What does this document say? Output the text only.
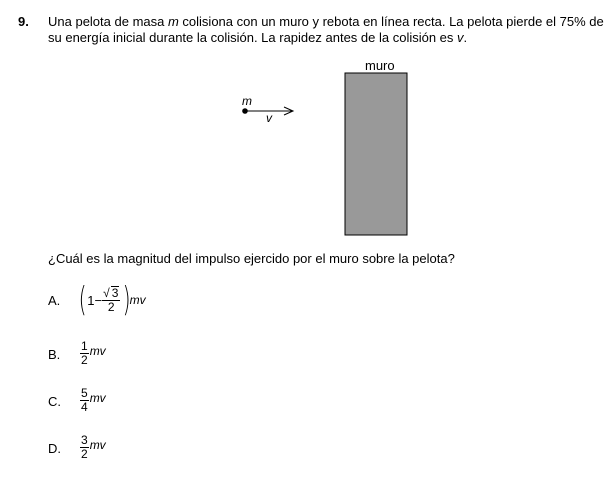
9. Una pelota de masa m colisiona con un muro y rebota en línea recta. La pelota pierde el 75% de su energía inicial durante la colisión. La rapidez antes de la colisión es v.
muro
m
v
¿Cuál es la magnitud del impulso ejercido por el muro sobre la pelota?
A. ( $1- \frac{√ 3}{2}$ )
mv
B. $\frac{1}{2}$ mv
C. $\frac{5}{4}$ mv
D. $\frac{3}{2}$ mv
